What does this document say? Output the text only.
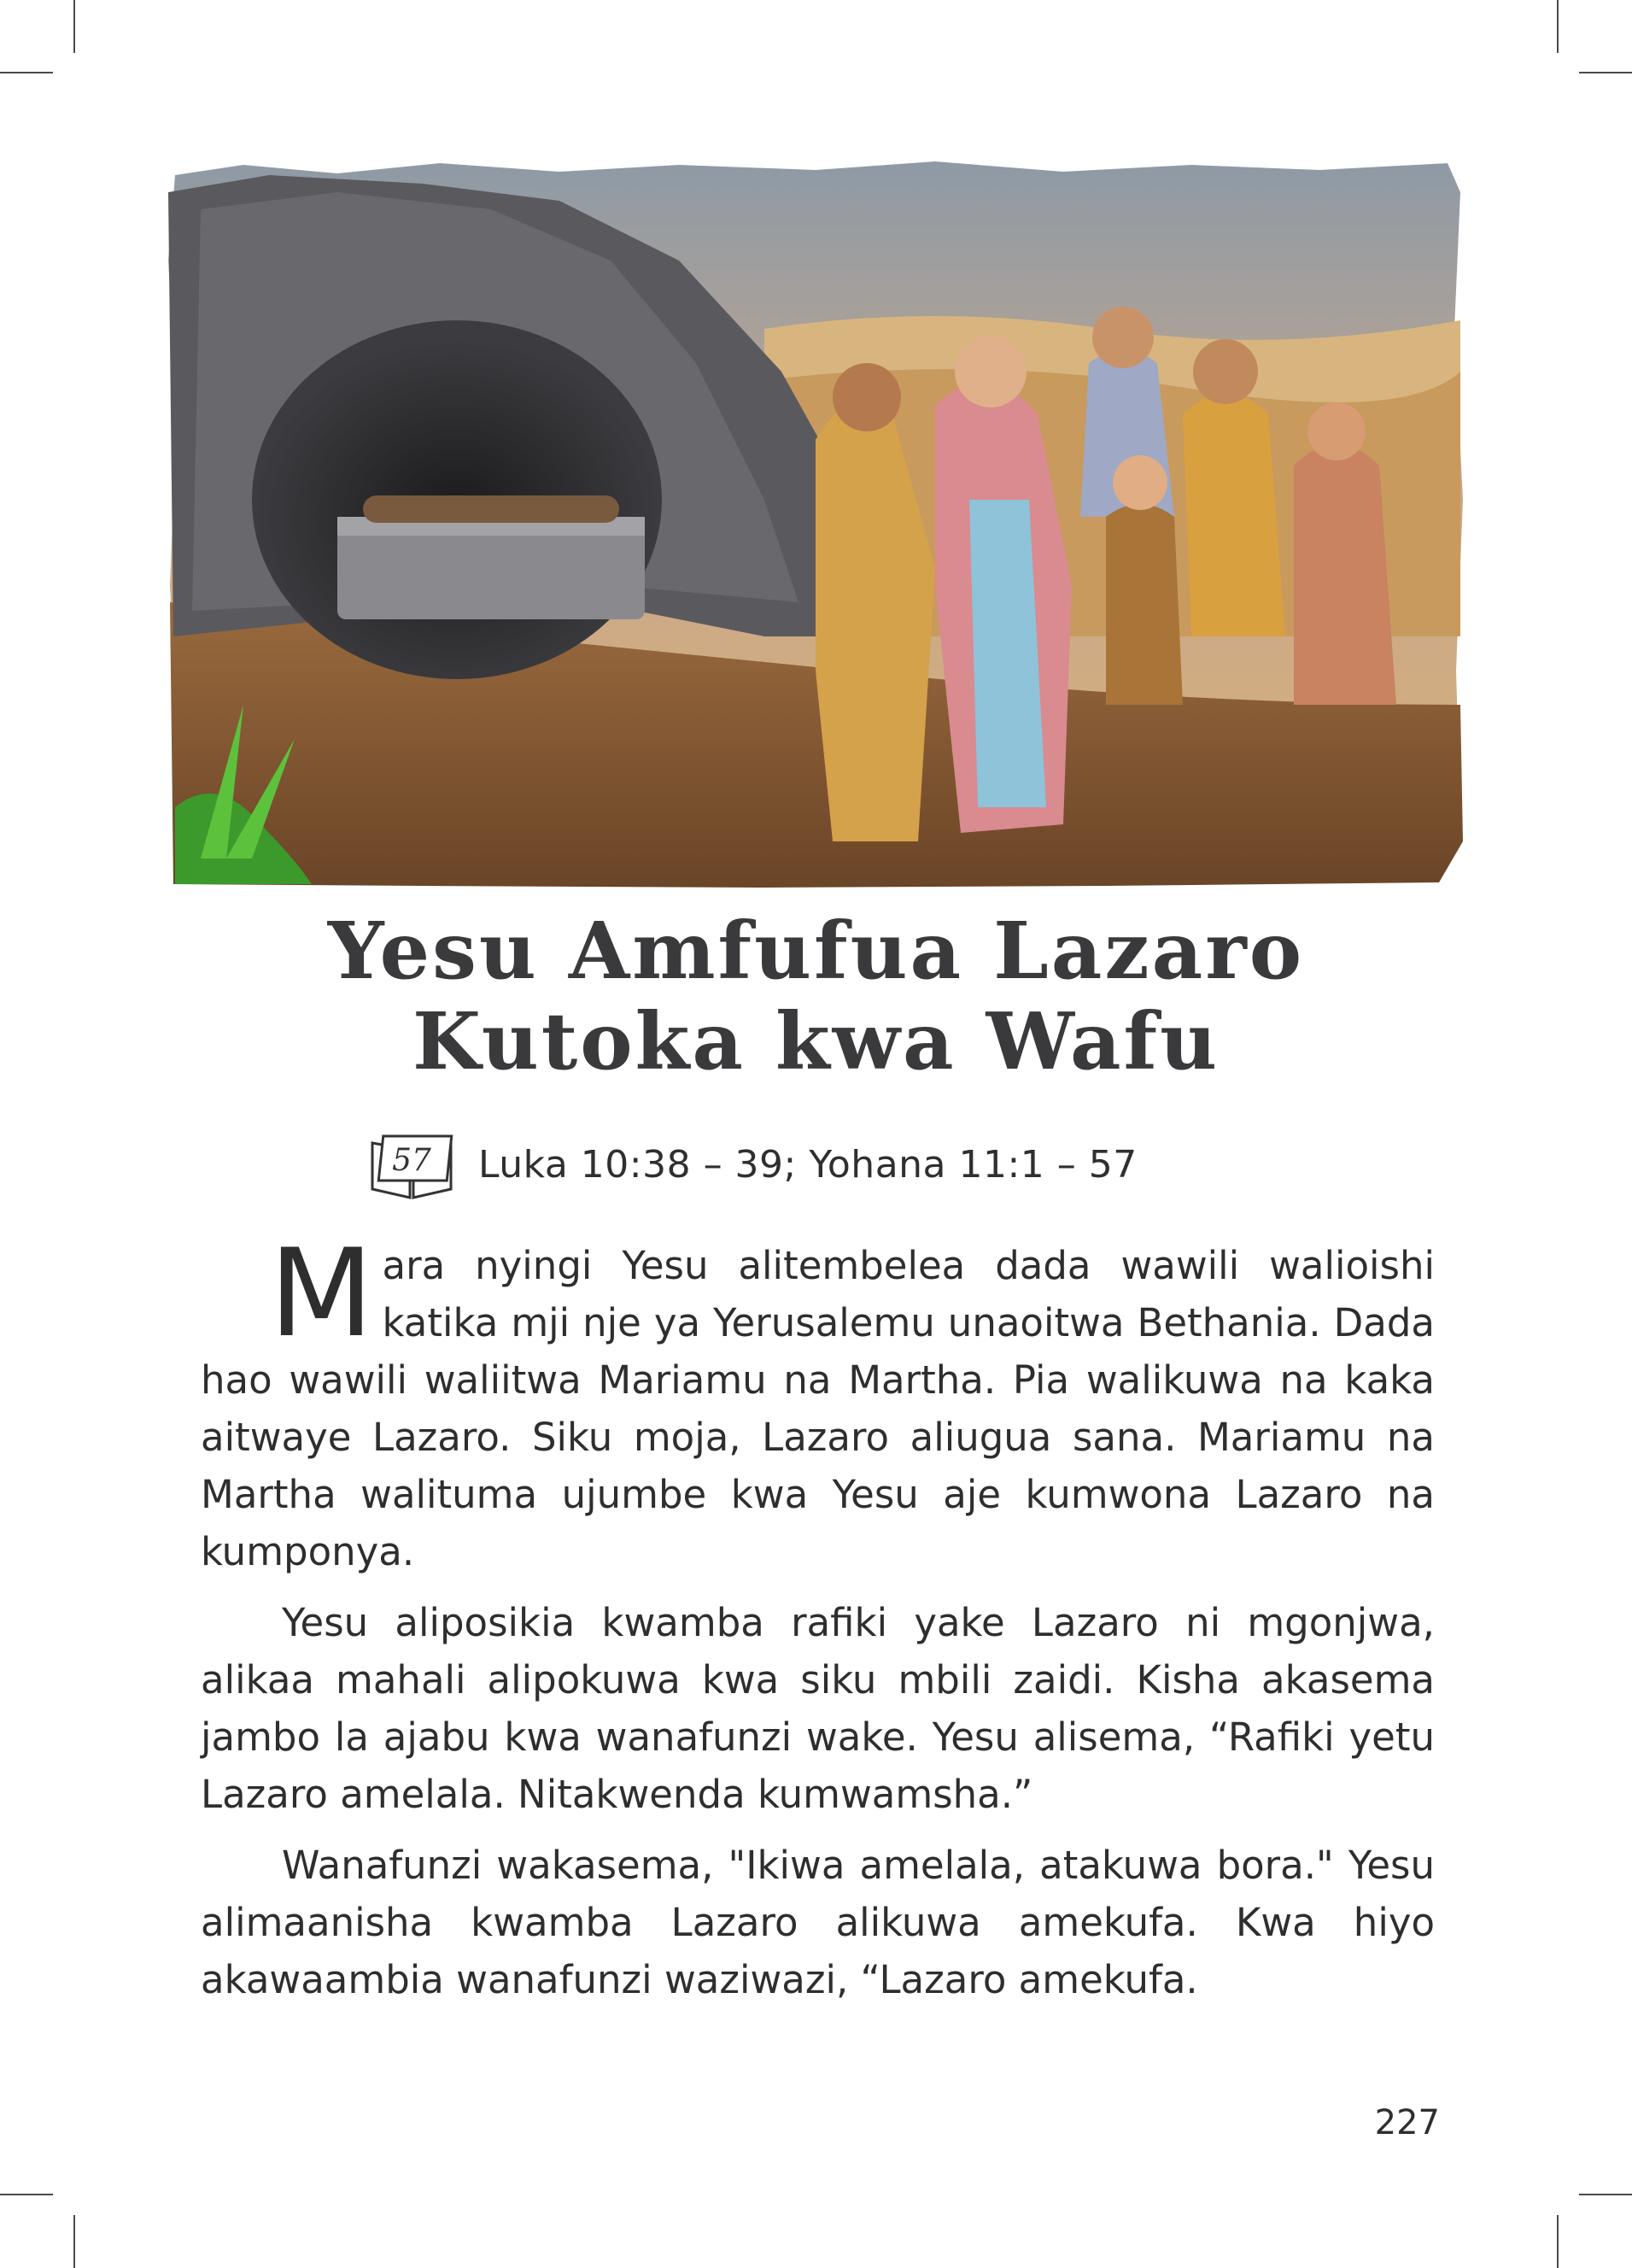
Yesu Amfufua Lazaro
Kutoka kwa Wafu
57 Luka 10:38 – 39; Yohana 11:1 – 57

Mara nyingi Yesu alitembelea dada wawili walioishi katika mji nje ya Yerusalemu unaoitwa Bethania. Dada hao wawili waliitwa Mariamu na Martha. Pia walikuwa na kaka aitwaye Lazaro. Siku moja, Lazaro aliugua sana. Mariamu na Martha walituma ujumbe kwa Yesu aje kumwona Lazaro na kumponya.

Yesu aliposikia kwamba rafiki yake Lazaro ni mgonjwa, alikaa mahali alipokuwa kwa siku mbili zaidi. Kisha akasema jambo la ajabu kwa wanafunzi wake. Yesu alisema, “Rafiki yetu Lazaro amelala. Nitakwenda kumwamsha.”

Wanafunzi wakasema, "Ikiwa amelala, atakuwa bora." Yesu alimaanisha kwamba Lazaro alikuwa amekufa. Kwa hiyo akawaambia wanafunzi waziwazi, “Lazaro amekufa.

227
